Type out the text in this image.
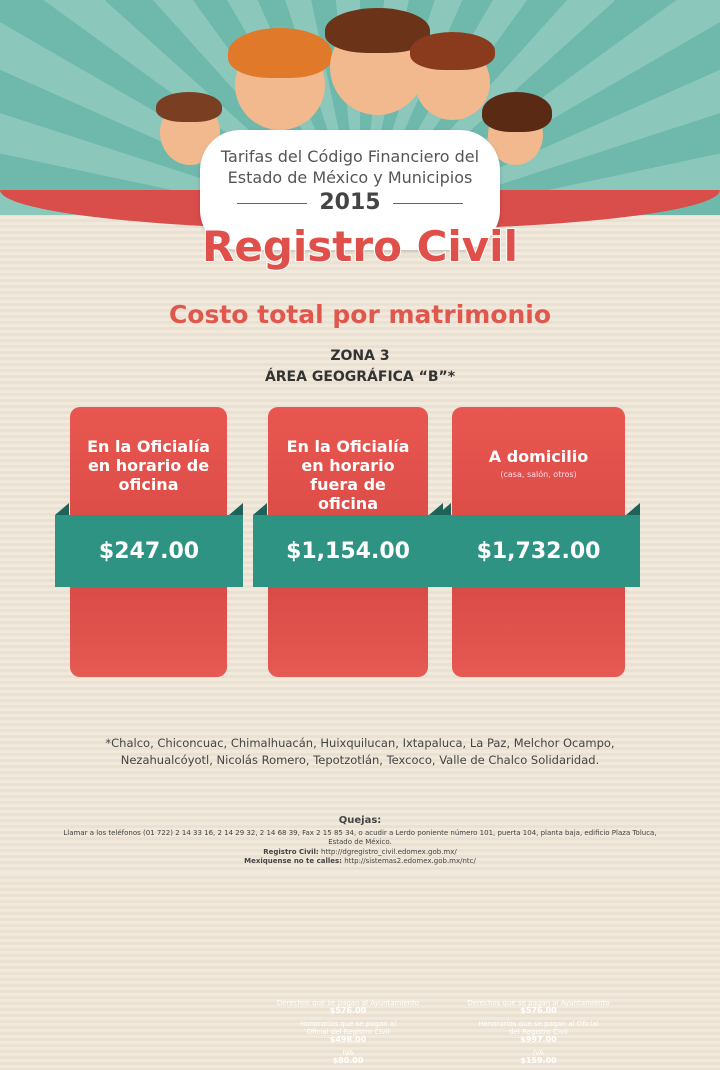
Tarifas del Código Financiero del
Estado de México y Municipios
2015
Registro Civil
Costo total por matrimonio
ZONA 3
ÁREA GEOGRÁFICA “B”*
En la Oficialía en horario de oficina
En la Oficialía en horario fuera de oficina
Derechos que se pagan al Ayuntamiento
$576.00
Honorarios que se pagan al Oficial del Registro Civil
$498.00
IVA
$80.00
A domicilio
(casa, salón, otros)
Derechos que se pagan al Ayuntamiento
$576.00
Honorarios que se pagan al Oficial del Registro Civil
$997.00
IVA
$159.00
$247.00	$1,154.00	$1,732.00
*Chalco, Chiconcuac, Chimalhuacán, Huixquilucan, Ixtapaluca, La Paz, Melchor Ocampo, Nezahualcóyotl, Nicolás Romero, Tepotzotlán, Texcoco, Valle de Chalco Solidaridad.
Quejas:
Llamar a los teléfonos (01 722) 2 14 33 16, 2 14 29 32, 2 14 68 39, Fax 2 15 85 34, o acudir a Lerdo poniente número 101, puerta 104, planta baja, edificio Plaza Toluca, Estado de México.
Registro Civil: http://dgregistro_civil.edomex.gob.mx/
Mexiquense no te calles: http://sistemas2.edomex.gob.mx/ntc/
